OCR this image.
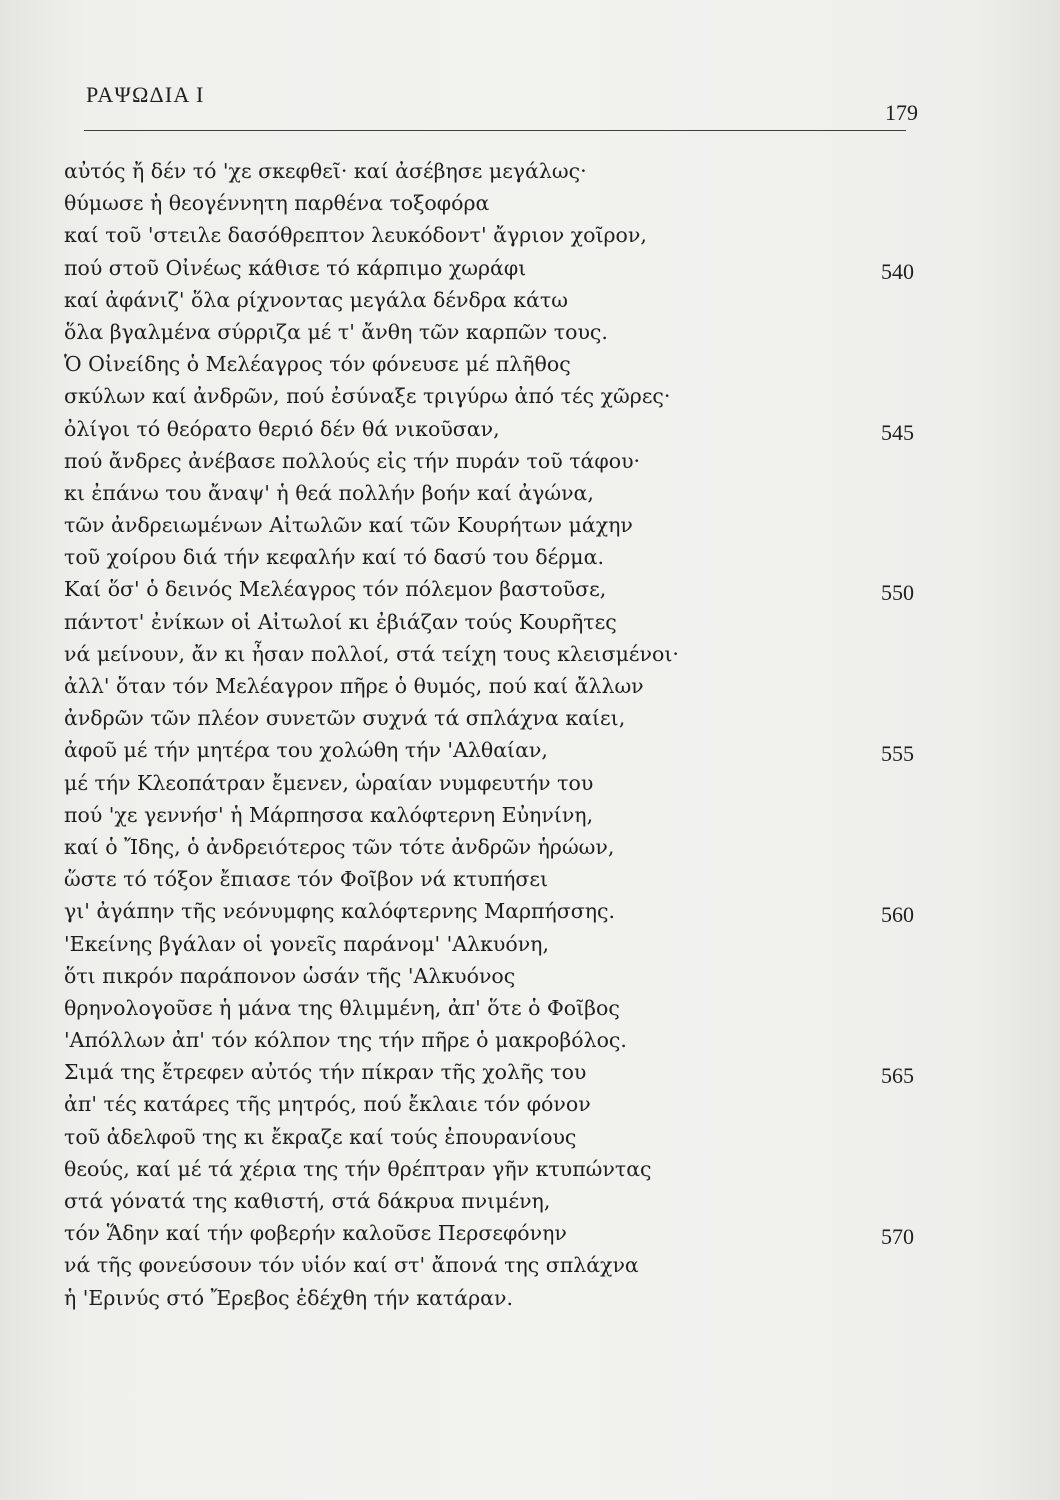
ΡΑΨΩΔΙΑ Ι
179
αὐτός ἤ δέν τό 'χε σκεφθεῖ· καί ἀσέβησε μεγάλως·
θύμωσε ἡ θεογέννητη παρθένα τοξοφόρα
καί τοῦ 'στειλε δασόθρεπτον λευκόδοντ' ἄγριον χοῖρον,
πού στοῦ Οἰνέως κάθισε τό κάρπιμο χωράφι	540
καί ἀφάνιζ' ὅλα ρίχνοντας μεγάλα δένδρα κάτω
ὅλα βγαλμένα σύρριζα μέ τ' ἄνθη τῶν καρπῶν τους.
Ὁ Οἰνείδης ὁ Μελέαγρος τόν φόνευσε μέ πλῆθος
σκύλων καί ἀνδρῶν, πού ἐσύναξε τριγύρω ἀπό τές χῶρες·
ὀλίγοι τό θεόρατο θεριό δέν θά νικοῦσαν,	545
πού ἄνδρες ἀνέβασε πολλούς εἰς τήν πυράν τοῦ τάφου·
κι ἐπάνω του ἄναψ' ἡ θεά πολλήν βοήν καί ἀγώνα,
τῶν ἀνδρειωμένων Αἰτωλῶν καί τῶν Κουρήτων μάχην
τοῦ χοίρου διά τήν κεφαλήν καί τό δασύ του δέρμα.
Καί ὅσ' ὁ δεινός Μελέαγρος τόν πόλεμον βαστοῦσε,	550
πάντοτ' ἐνίκων οἱ Αἰτωλοί κι ἐβιάζαν τούς Κουρῆτες
νά μείνουν, ἄν κι ἦσαν πολλοί, στά τείχη τους κλεισμένοι·
ἀλλ' ὅταν τόν Μελέαγρον πῆρε ὁ θυμός, πού καί ἄλλων
ἀνδρῶν τῶν πλέον συνετῶν συχνά τά σπλάχνα καίει,
ἀφοῦ μέ τήν μητέρα του χολώθη τήν 'Αλθαίαν,	555
μέ τήν Κλεοπάτραν ἔμενεν, ὡραίαν νυμφευτήν του
πού 'χε γεννήσ' ἡ Μάρπησσα καλόφτερνη Εὐηνίνη,
καί ὁ Ἴδης, ὁ ἀνδρειότερος τῶν τότε ἀνδρῶν ἡρώων,
ὥστε τό τόξον ἔπιασε τόν Φοῖβον νά κτυπήσει
γι' ἀγάπην τῆς νεόνυμφης καλόφτερνης Μαρπήσσης.	560
'Εκείνης βγάλαν οἱ γονεῖς παράνομ' 'Αλκυόνη,
ὅτι πικρόν παράπονον ὡσάν τῆς 'Αλκυόνος
θρηνολογοῦσε ἡ μάνα της θλιμμένη, ἀπ' ὅτε ὁ Φοῖβος
'Απόλλων ἀπ' τόν κόλπον της τήν πῆρε ὁ μακροβόλος.
Σιμά της ἔτρεφεν αὐτός τήν πίκραν τῆς χολῆς του	565
ἀπ' τές κατάρες τῆς μητρός, πού ἔκλαιε τόν φόνον
τοῦ ἀδελφοῦ της κι ἔκραζε καί τούς ἐπουρανίους
θεούς, καί μέ τά χέρια της τήν θρέπτραν γῆν κτυπώντας
στά γόνατά της καθιστή, στά δάκρυα πνιμένη,
τόν Ἅδην καί τήν φοβερήν καλοῦσε Περσεφόνην	570
νά τῆς φονεύσουν τόν υἱόν καί στ' ἄπονά της σπλάχνα
ἡ 'Ερινύς στό Ἔρεβος ἐδέχθη τήν κατάραν.
